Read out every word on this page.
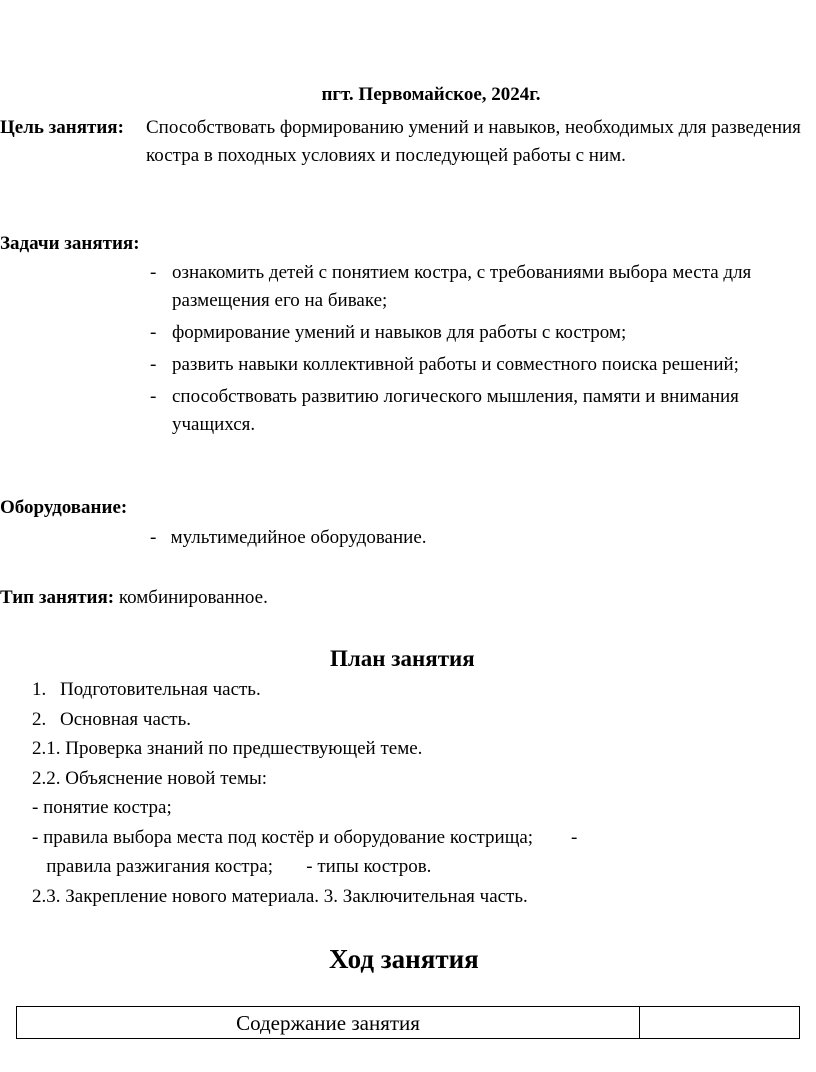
пгт. Первомайское, 2024г.
Цель занятия: Способствовать формированию умений и навыков, необходимых для разведения костра в походных условиях и последующей работы с ним.
Задачи занятия:
- ознакомить детей с понятием костра, с требованиями выбора места для размещения его на биваке;
- формирование умений и навыков для работы с костром;
- развить навыки коллективной работы и совместного поиска решений;
- способствовать развитию логического мышления, памяти и внимания учащихся.
Оборудование:
-   мультимедийное оборудование.
Тип занятия: комбинированное.
План занятия
1. Подготовительная часть.
2. Основная часть.
2.1. Проверка знаний по предшествующей теме.
2.2. Объяснение новой темы:
- понятие костра;
- правила выбора места под костёр и оборудование кострища;        -
правила разжигания костра;       - типы костров.
2.3. Закрепление нового материала. 3. Заключительная часть.
Ход занятия
Содержание занятия
